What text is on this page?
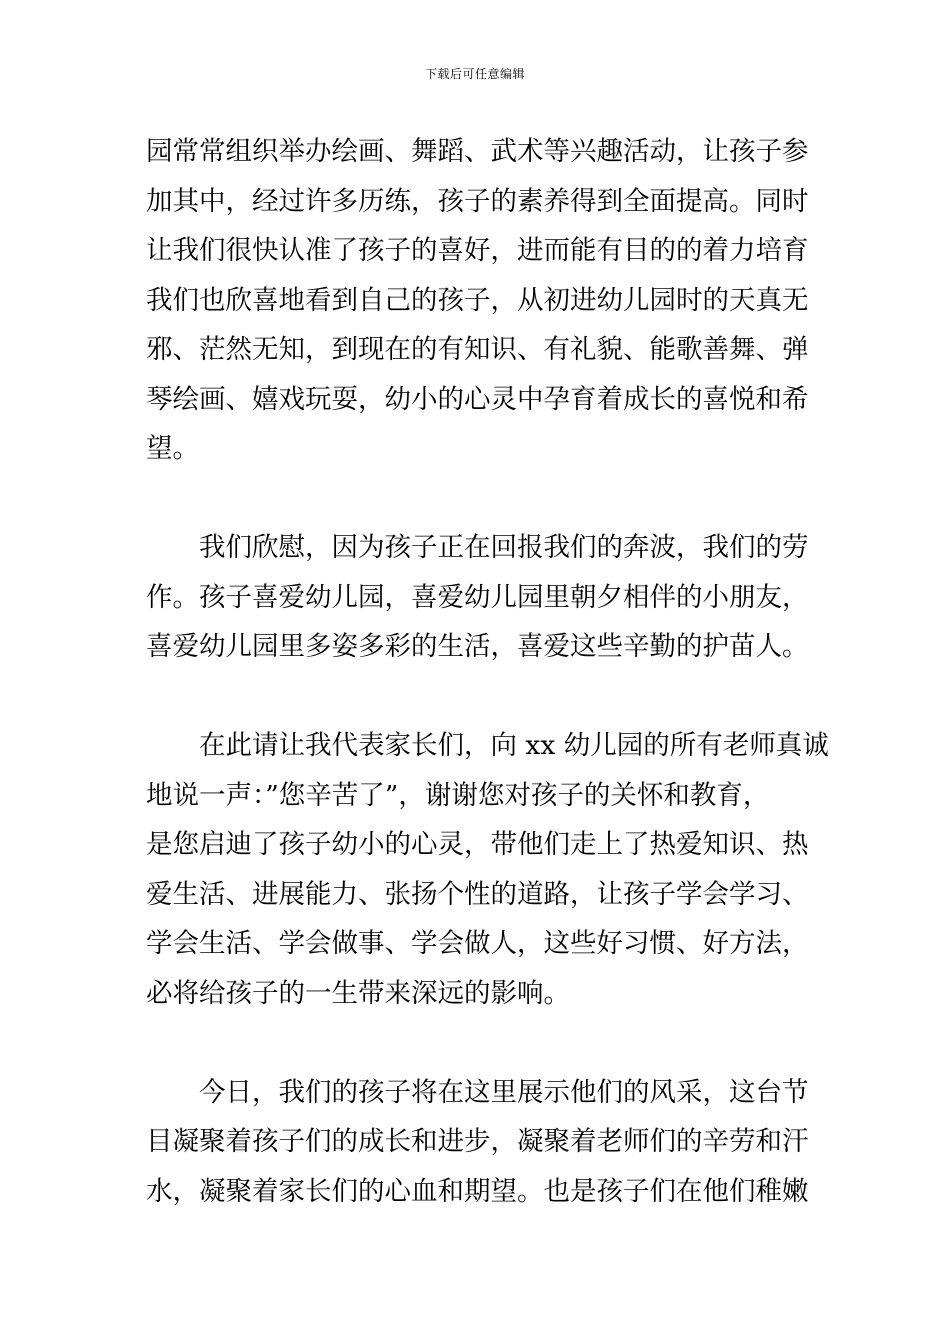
下载后可任意编辑
园常常组织举办绘画、舞蹈、武术等兴趣活动，让孩子参
加其中，经过许多历练，孩子的素养得到全面提高。同时
让我们很快认准了孩子的喜好，进而能有目的的着力培育
我们也欣喜地看到自己的孩子，从初进幼儿园时的天真无
邪、茫然无知，到现在的有知识、有礼貌、能歌善舞、弹
琴绘画、嬉戏玩耍，幼小的心灵中孕育着成长的喜悦和希
望。
我们欣慰，因为孩子正在回报我们的奔波，我们的劳
作。孩子喜爱幼儿园，喜爱幼儿园里朝夕相伴的小朋友，
喜爱幼儿园里多姿多彩的生活，喜爱这些辛勤的护苗人。
在此请让我代表家长们，向 xx 幼儿园的所有老师真诚
地说一声：”您辛苦了”，谢谢您对孩子的关怀和教育，
是您启迪了孩子幼小的心灵，带他们走上了热爱知识、热
爱生活、进展能力、张扬个性的道路，让孩子学会学习、
学会生活、学会做事、学会做人，这些好习惯、好方法，
必将给孩子的一生带来深远的影响。
今日，我们的孩子将在这里展示他们的风采，这台节
目凝聚着孩子们的成长和进步，凝聚着老师们的辛劳和汗
水，凝聚着家长们的心血和期望。也是孩子们在他们稚嫩
